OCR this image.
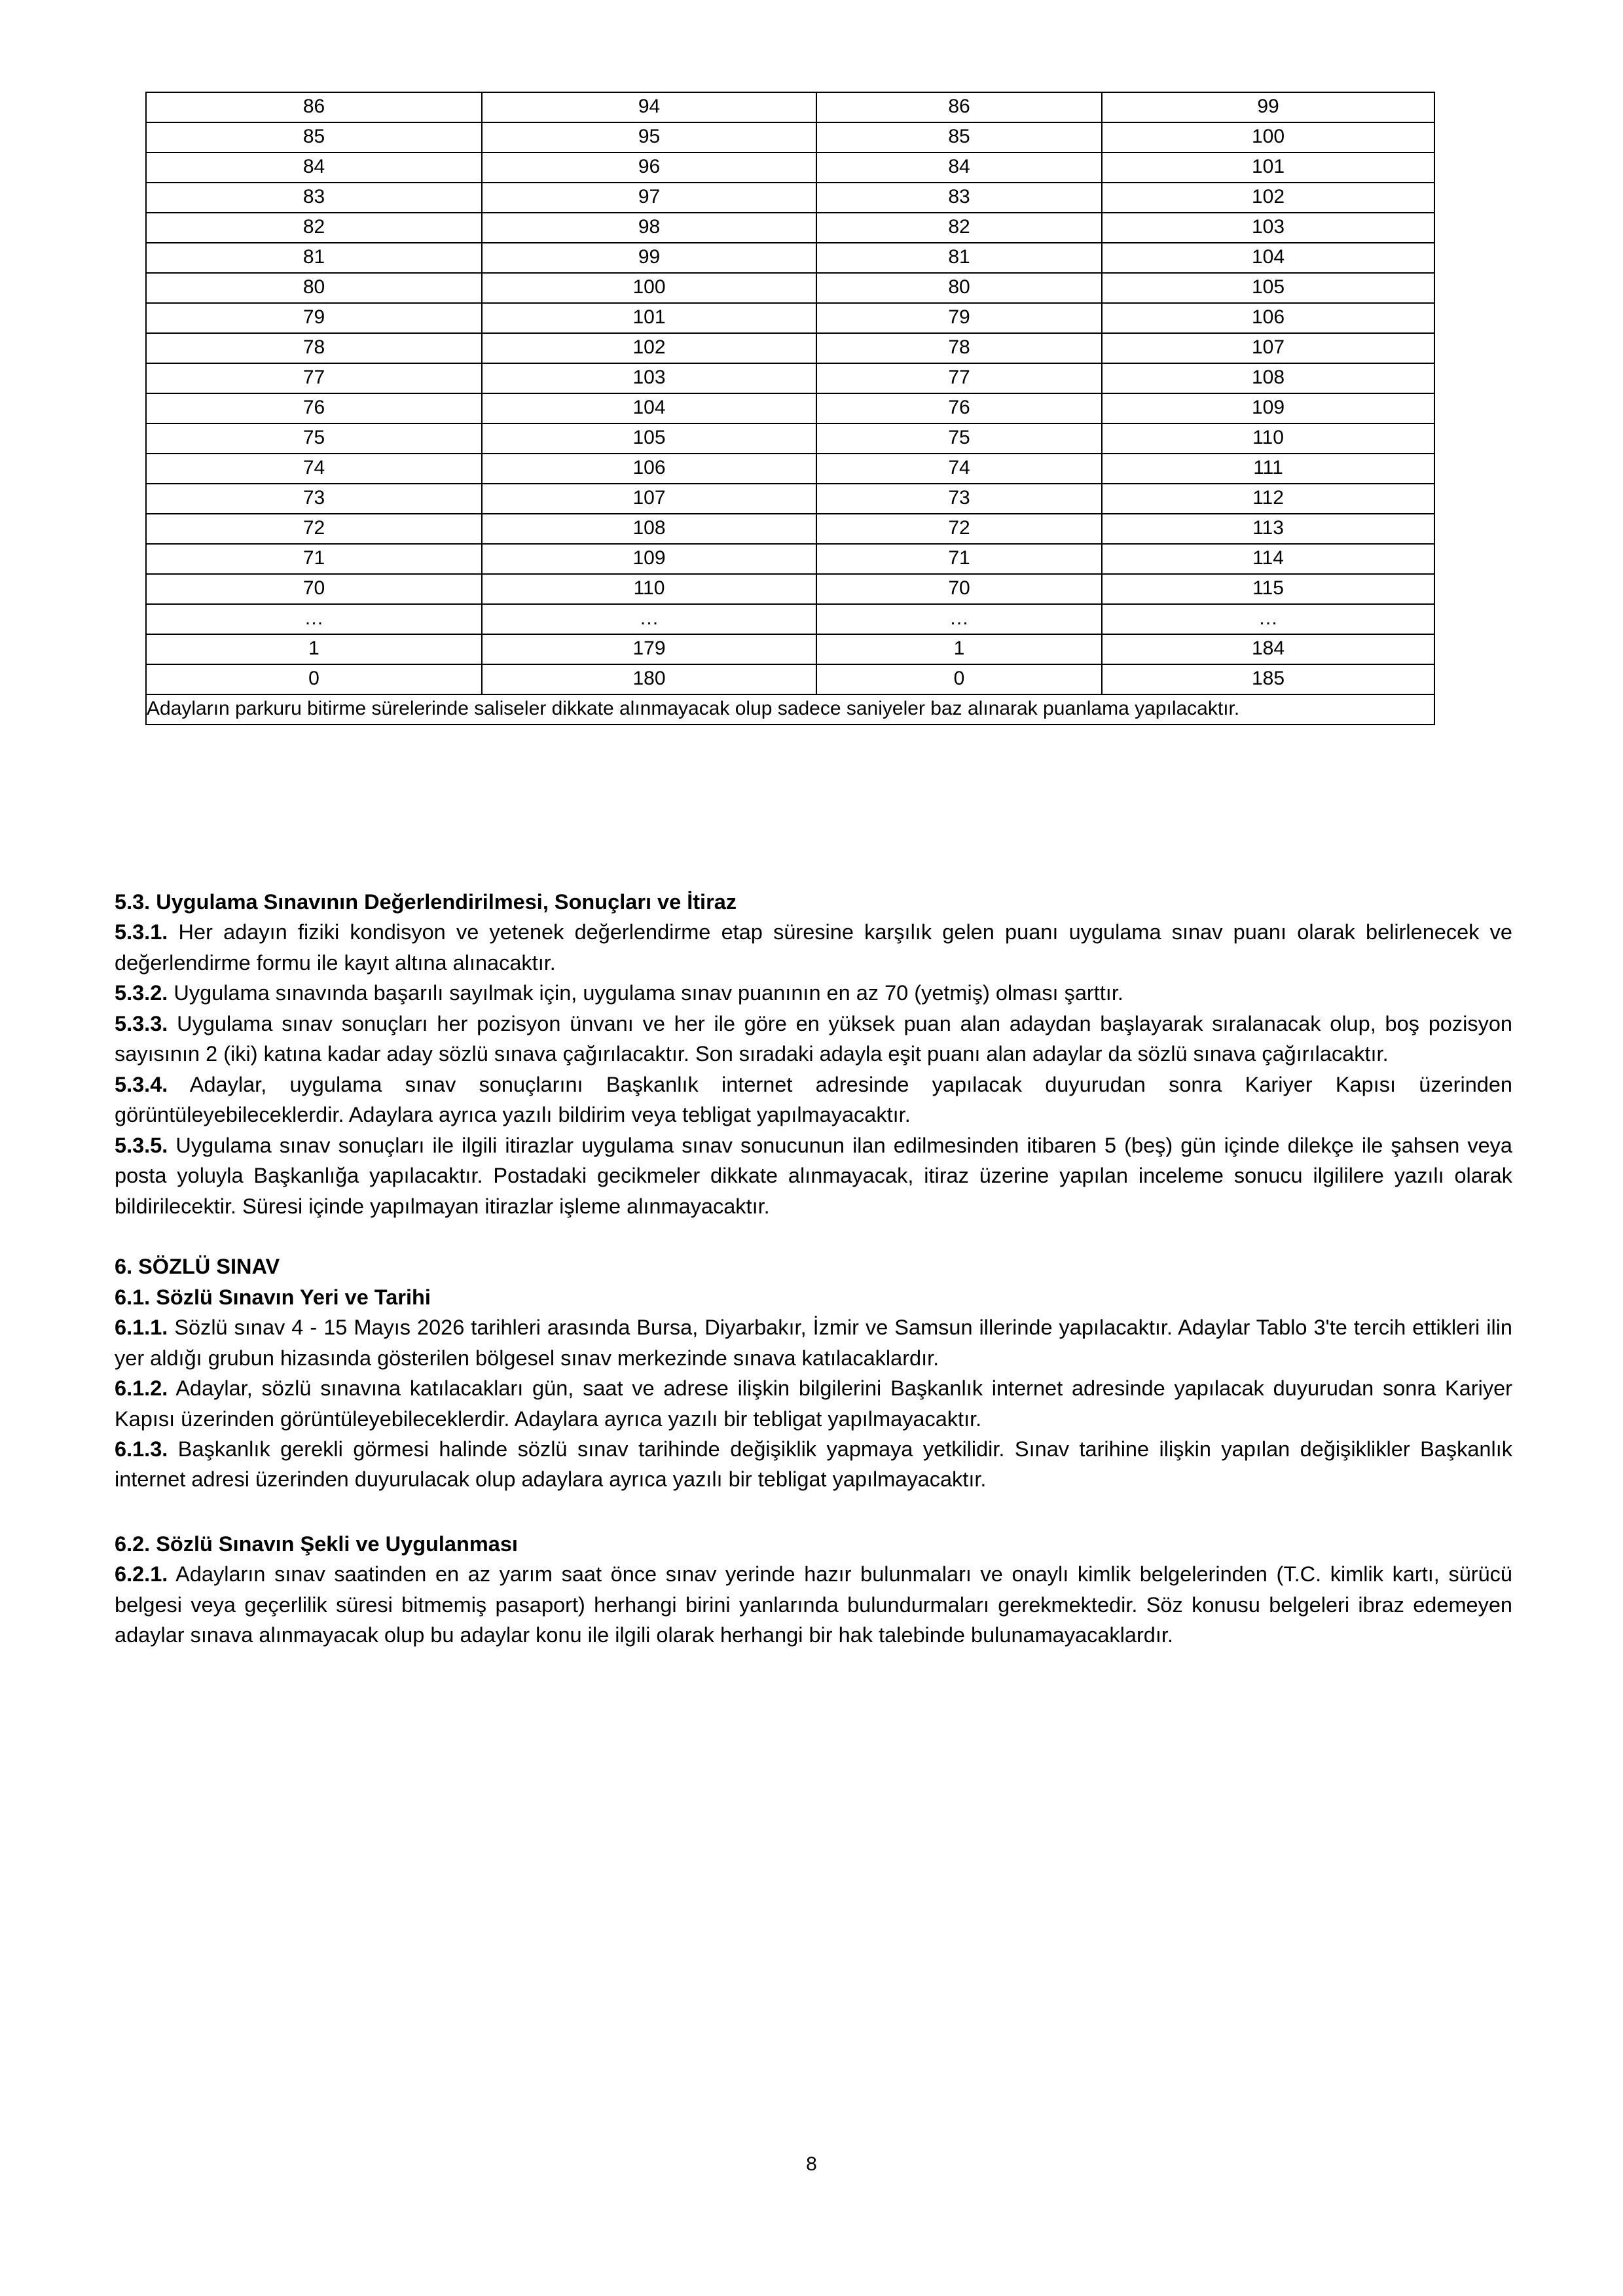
86	94	86	99
85	95	85	100
84	96	84	101
83	97	83	102
82	98	82	103
81	99	81	104
80	100	80	105
79	101	79	106
78	102	78	107
77	103	77	108
76	104	76	109
75	105	75	110
74	106	74	111
73	107	73	112
72	108	72	113
71	109	71	114
70	110	70	115
…	…	…	…
1	179	1	184
0	180	0	185
Adayların parkuru bitirme sürelerinde saliseler dikkate alınmayacak olup sadece saniyeler baz alınarak puanlama yapılacaktır.			

5.3. Uygulama Sınavının Değerlendirilmesi, Sonuçları ve İtiraz

5.3.1. Her adayın fiziki kondisyon ve yetenek değerlendirme etap süresine karşılık gelen puanı uygulama sınav puanı olarak belirlenecek ve değerlendirme formu ile kayıt altına alınacaktır.

5.3.2. Uygulama sınavında başarılı sayılmak için, uygulama sınav puanının en az 70 (yetmiş) olması şarttır.

5.3.3. Uygulama sınav sonuçları her pozisyon ünvanı ve her ile göre en yüksek puan alan adaydan başlayarak sıralanacak olup, boş pozisyon sayısının 2 (iki) katına kadar aday sözlü sınava çağırılacaktır. Son sıradaki adayla eşit puanı alan adaylar da sözlü sınava çağırılacaktır.

5.3.4. Adaylar, uygulama sınav sonuçlarını Başkanlık internet adresinde yapılacak duyurudan sonra Kariyer Kapısı üzerinden görüntüleyebileceklerdir. Adaylara ayrıca yazılı bildirim veya tebligat yapılmayacaktır.

5.3.5. Uygulama sınav sonuçları ile ilgili itirazlar uygulama sınav sonucunun ilan edilmesinden itibaren 5 (beş) gün içinde dilekçe ile şahsen veya posta yoluyla Başkanlığa yapılacaktır. Postadaki gecikmeler dikkate alınmayacak, itiraz üzerine yapılan inceleme sonucu ilgililere yazılı olarak bildirilecektir. Süresi içinde yapılmayan itirazlar işleme alınmayacaktır.

6. SÖZLÜ SINAV

6.1. Sözlü Sınavın Yeri ve Tarihi

6.1.1. Sözlü sınav 4 - 15 Mayıs 2026 tarihleri arasında Bursa, Diyarbakır, İzmir ve Samsun illerinde yapılacaktır. Adaylar Tablo 3'te tercih ettikleri ilin yer aldığı grubun hizasında gösterilen bölgesel sınav merkezinde sınava katılacaklardır.

6.1.2. Adaylar, sözlü sınavına katılacakları gün, saat ve adrese ilişkin bilgilerini Başkanlık internet adresinde yapılacak duyurudan sonra Kariyer Kapısı üzerinden görüntüleyebileceklerdir. Adaylara ayrıca yazılı bir tebligat yapılmayacaktır.

6.1.3. Başkanlık gerekli görmesi halinde sözlü sınav tarihinde değişiklik yapmaya yetkilidir. Sınav tarihine ilişkin yapılan değişiklikler Başkanlık internet adresi üzerinden duyurulacak olup adaylara ayrıca yazılı bir tebligat yapılmayacaktır.

6.2. Sözlü Sınavın Şekli ve Uygulanması

6.2.1. Adayların sınav saatinden en az yarım saat önce sınav yerinde hazır bulunmaları ve onaylı kimlik belgelerinden (T.C. kimlik kartı, sürücü belgesi veya geçerlilik süresi bitmemiş pasaport) herhangi birini yanlarında bulundurmaları gerekmektedir. Söz konusu belgeleri ibraz edemeyen adaylar sınava alınmayacak olup bu adaylar konu ile ilgili olarak herhangi bir hak talebinde bulunamayacaklardır.

8
